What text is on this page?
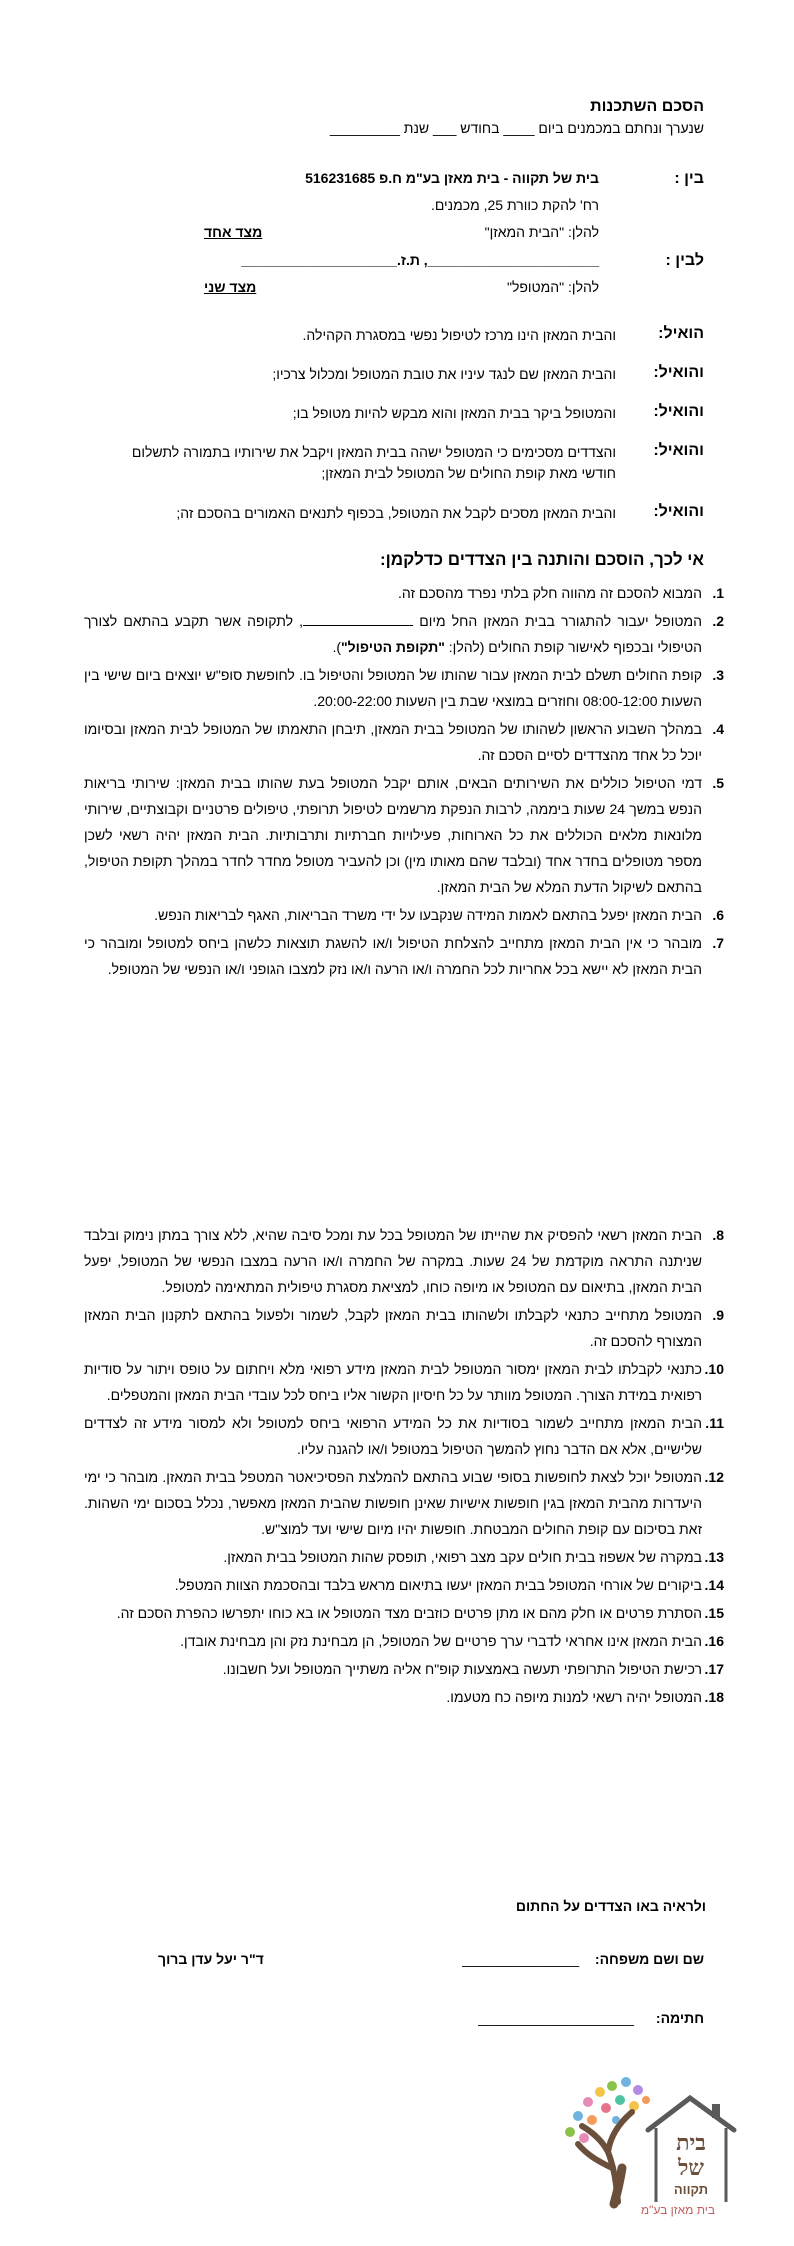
הסכם השתכנות
שנערך ונחתם במכמנים ביום ____ בחודש ___ שנת _________
בין :
בית של תקווה - בית מאזן בע"מ ח.פ 516231685
רח' להקת כוורת 25, מכמנים.
להלן: "הבית המאזן"
מצד אחד
לבין :
______________________, ת.ז.____________________
להלן: "המטופל"
מצד שני
הואיל:
והבית המאזן הינו מרכז לטיפול נפשי במסגרת הקהילה.
והואיל:
והבית המאזן שם לנגד עיניו את טובת המטופל ומכלול צרכיו;
והואיל:
והמטופל ביקר בבית המאזן והוא מבקש להיות מטופל בו;
והואיל:
והצדדים מסכימים כי המטופל ישהה בבית המאזן ויקבל את שירותיו בתמורה לתשלום חודשי מאת קופת החולים של המטופל לבית המאזן;
והואיל:
והבית המאזן מסכים לקבל את המטופל, בכפוף לתנאים האמורים בהסכם זה;
אי לכך, הוסכם והותנה בין הצדדים כדלקמן:
1.
המבוא להסכם זה מהווה חלק בלתי נפרד מהסכם זה.
2.
המטופל יעבור להתגורר בבית המאזן החל מיום , לתקופה אשר תקבע בהתאם לצורך הטיפולי ובכפוף לאישור קופת החולים (להלן: "תקופת הטיפול").
3.
קופת החולים תשלם לבית המאזן עבור שהותו של המטופל והטיפול בו. לחופשת סופ"ש יוצאים ביום שישי בין השעות 08:00-12:00 וחוזרים במוצאי שבת בין השעות 20:00-22:00.
4.
במהלך השבוע הראשון לשהותו של המטופל בבית המאזן, תיבחן התאמתו של המטופל לבית המאזן ובסיומו יוכל כל אחד מהצדדים לסיים הסכם זה.
5.
דמי הטיפול כוללים את השירותים הבאים, אותם יקבל המטופל בעת שהותו בבית המאזן: שירותי בריאות הנפש במשך 24 שעות ביממה, לרבות הנפקת מרשמים לטיפול תרופתי, טיפולים פרטניים וקבוצתיים, שירותי מלונאות מלאים הכוללים את כל הארוחות, פעילויות חברתיות ותרבותיות. הבית המאזן יהיה רשאי לשכן מספר מטופלים בחדר אחד (ובלבד שהם מאותו מין) וכן להעביר מטופל מחדר לחדר במהלך תקופת הטיפול, בהתאם לשיקול הדעת המלא של הבית המאזן.
6.
הבית המאזן יפעל בהתאם לאמות המידה שנקבעו על ידי משרד הבריאות, האגף לבריאות הנפש.
7.
מובהר כי אין הבית המאזן מתחייב להצלחת הטיפול ו/או להשגת תוצאות כלשהן ביחס למטופל ומובהר כי הבית המאזן לא יישא בכל אחריות לכל החמרה ו/או הרעה ו/או נזק למצבו הגופני ו/או הנפשי של המטופל.
8.
הבית המאזן רשאי להפסיק את שהייתו של המטופל בכל עת ומכל סיבה שהיא, ללא צורך במתן נימוק ובלבד שניתנה התראה מוקדמת של 24 שעות. במקרה של החמרה ו/או הרעה במצבו הנפשי של המטופל, יפעל הבית המאזן, בתיאום עם המטופל או מיופה כוחו, למציאת מסגרת טיפולית המתאימה למטופל.
9.
המטופל מתחייב כתנאי לקבלתו ולשהותו בבית המאזן לקבל, לשמור ולפעול בהתאם לתקנון הבית המאזן המצורף להסכם זה.
10.
כתנאי לקבלתו לבית המאזן ימסור המטופל לבית המאזן מידע רפואי מלא ויחתום על טופס ויתור על סודיות רפואית במידת הצורך. המטופל מוותר על כל חיסיון הקשור אליו ביחס לכל עובדי הבית המאזן והמטפלים.
11.
הבית המאזן מתחייב לשמור בסודיות את כל המידע הרפואי ביחס למטופל ולא למסור מידע זה לצדדים שלישיים, אלא אם הדבר נחוץ להמשך הטיפול במטופל ו/או להגנה עליו.
12.
המטופל יוכל לצאת לחופשות בסופי שבוע בהתאם להמלצת הפסיכיאטר המטפל בבית המאזן. מובהר כי ימי היעדרות מהבית המאזן בגין חופשות אישיות שאינן חופשות שהבית המאזן מאפשר, נכלל בסכום ימי השהות. זאת בסיכום עם קופת החולים המבטחת. חופשות יהיו מיום שישי ועד למוצ"ש.
13.
במקרה של אשפוז בבית חולים עקב מצב רפואי, תופסק שהות המטופל בבית המאזן.
14.
ביקורים של אורחי המטופל בבית המאזן יעשו בתיאום מראש בלבד ובהסכמת הצוות המטפל.
15.
הסתרת פרטים או חלק מהם או מתן פרטים כוזבים מצד המטופל או בא כוחו יתפרשו כהפרת הסכם זה.
16.
הבית המאזן אינו אחראי לדברי ערך פרטיים של המטופל, הן מבחינת נזק והן מבחינת אובדן.
17.
רכישת הטיפול התרופתי תעשה באמצעות קופ"ח אליה משתייך המטופל ועל חשבונו.
18.
המטופל יהיה רשאי למנות מיופה כח מטעמו.
ולראיה באו הצדדים על החתום
שם ושם משפחה:
_______________
ד"ר יעל עדן ברוך
חתימה:
____________________
בית
של
תקווה
בית מאזן בע"מ
